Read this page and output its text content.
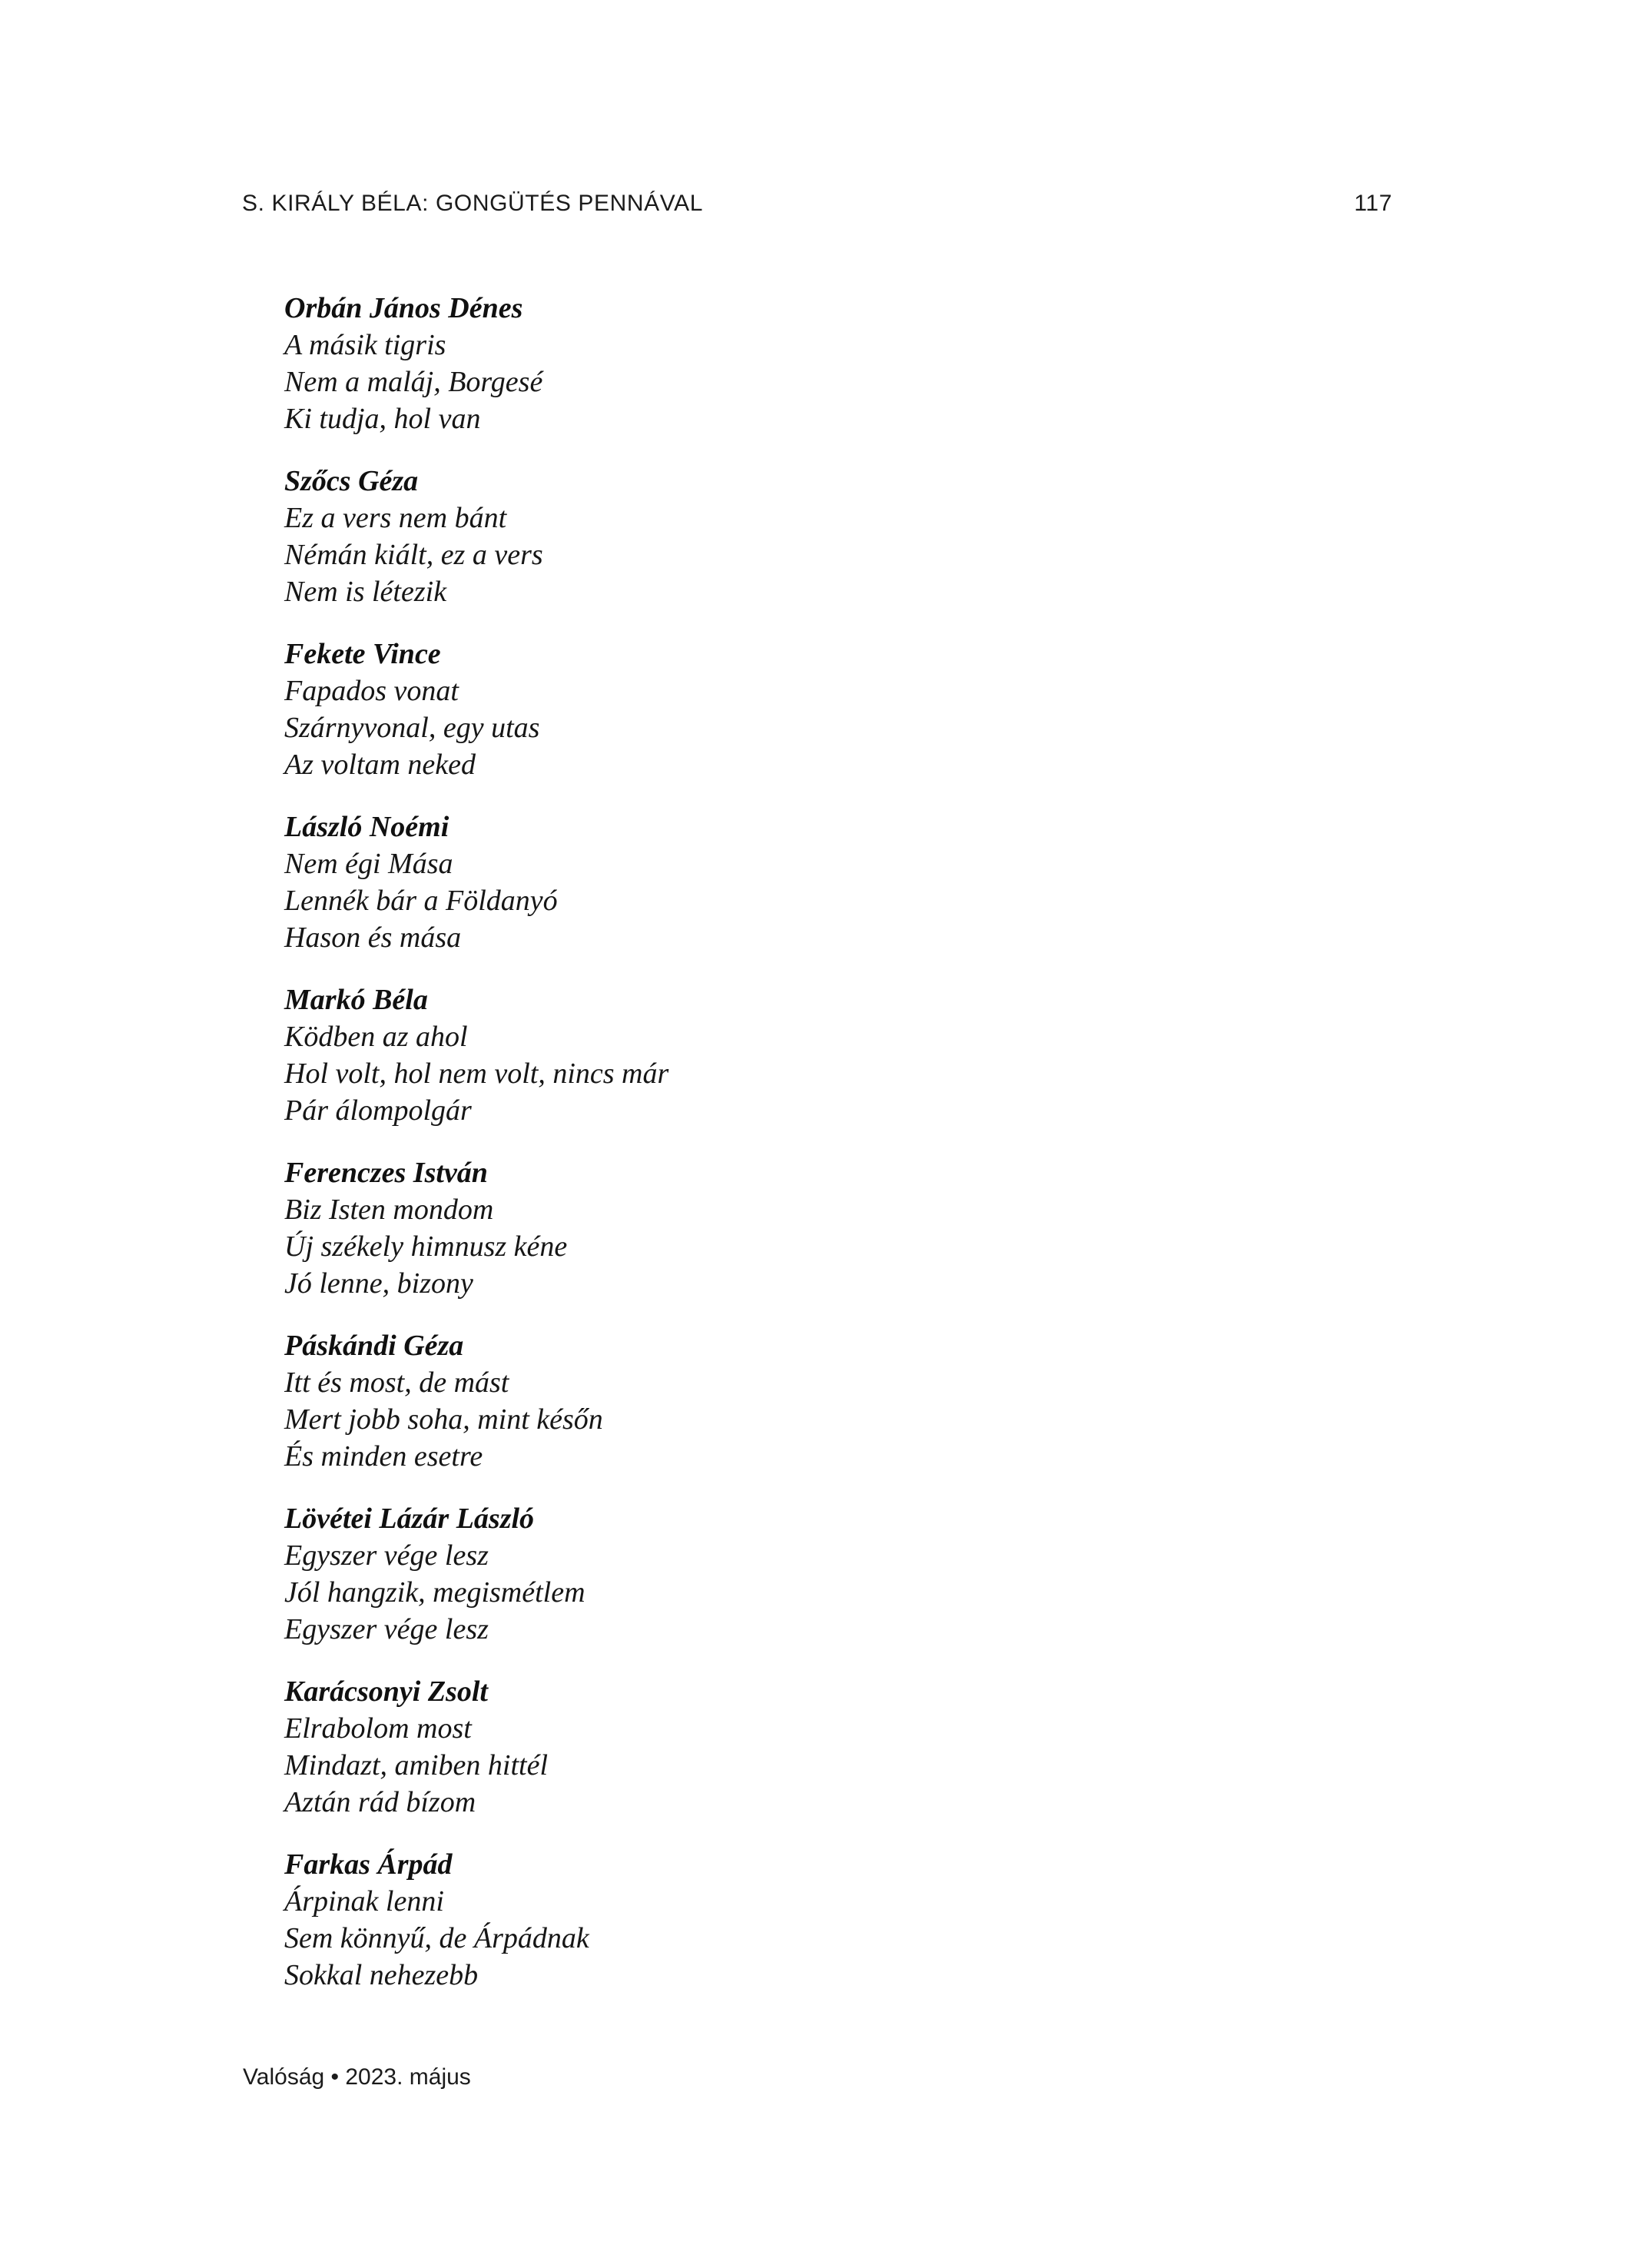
S. KIRÁLY BÉLA: GONGÜTÉS PENNÁVAL	117
Orbán János Dénes

A másik tigris

Nem a maláj, Borgesé

Ki tudja, hol van

Szőcs Géza

Ez a vers nem bánt

Némán kiált, ez a vers

Nem is létezik

Fekete Vince

Fapados vonat

Szárnyvonal, egy utas

Az voltam neked

László Noémi

Nem égi Mása

Lennék bár a Földanyó

Hason és mása

Markó Béla

Ködben az ahol

Hol volt, hol nem volt, nincs már

Pár álompolgár

Ferenczes István

Biz Isten mondom

Új székely himnusz kéne

Jó lenne, bizony

Páskándi Géza

Itt és most, de mást

Mert jobb soha, mint későn

És minden esetre

Lövétei Lázár László

Egyszer vége lesz

Jól hangzik, megismétlem

Egyszer vége lesz

Karácsonyi Zsolt

Elrabolom most

Mindazt, amiben hittél

Aztán rád bízom

Farkas Árpád

Árpinak lenni

Sem könnyű, de Árpádnak

Sokkal nehezebb

Valóság • 2023. május
